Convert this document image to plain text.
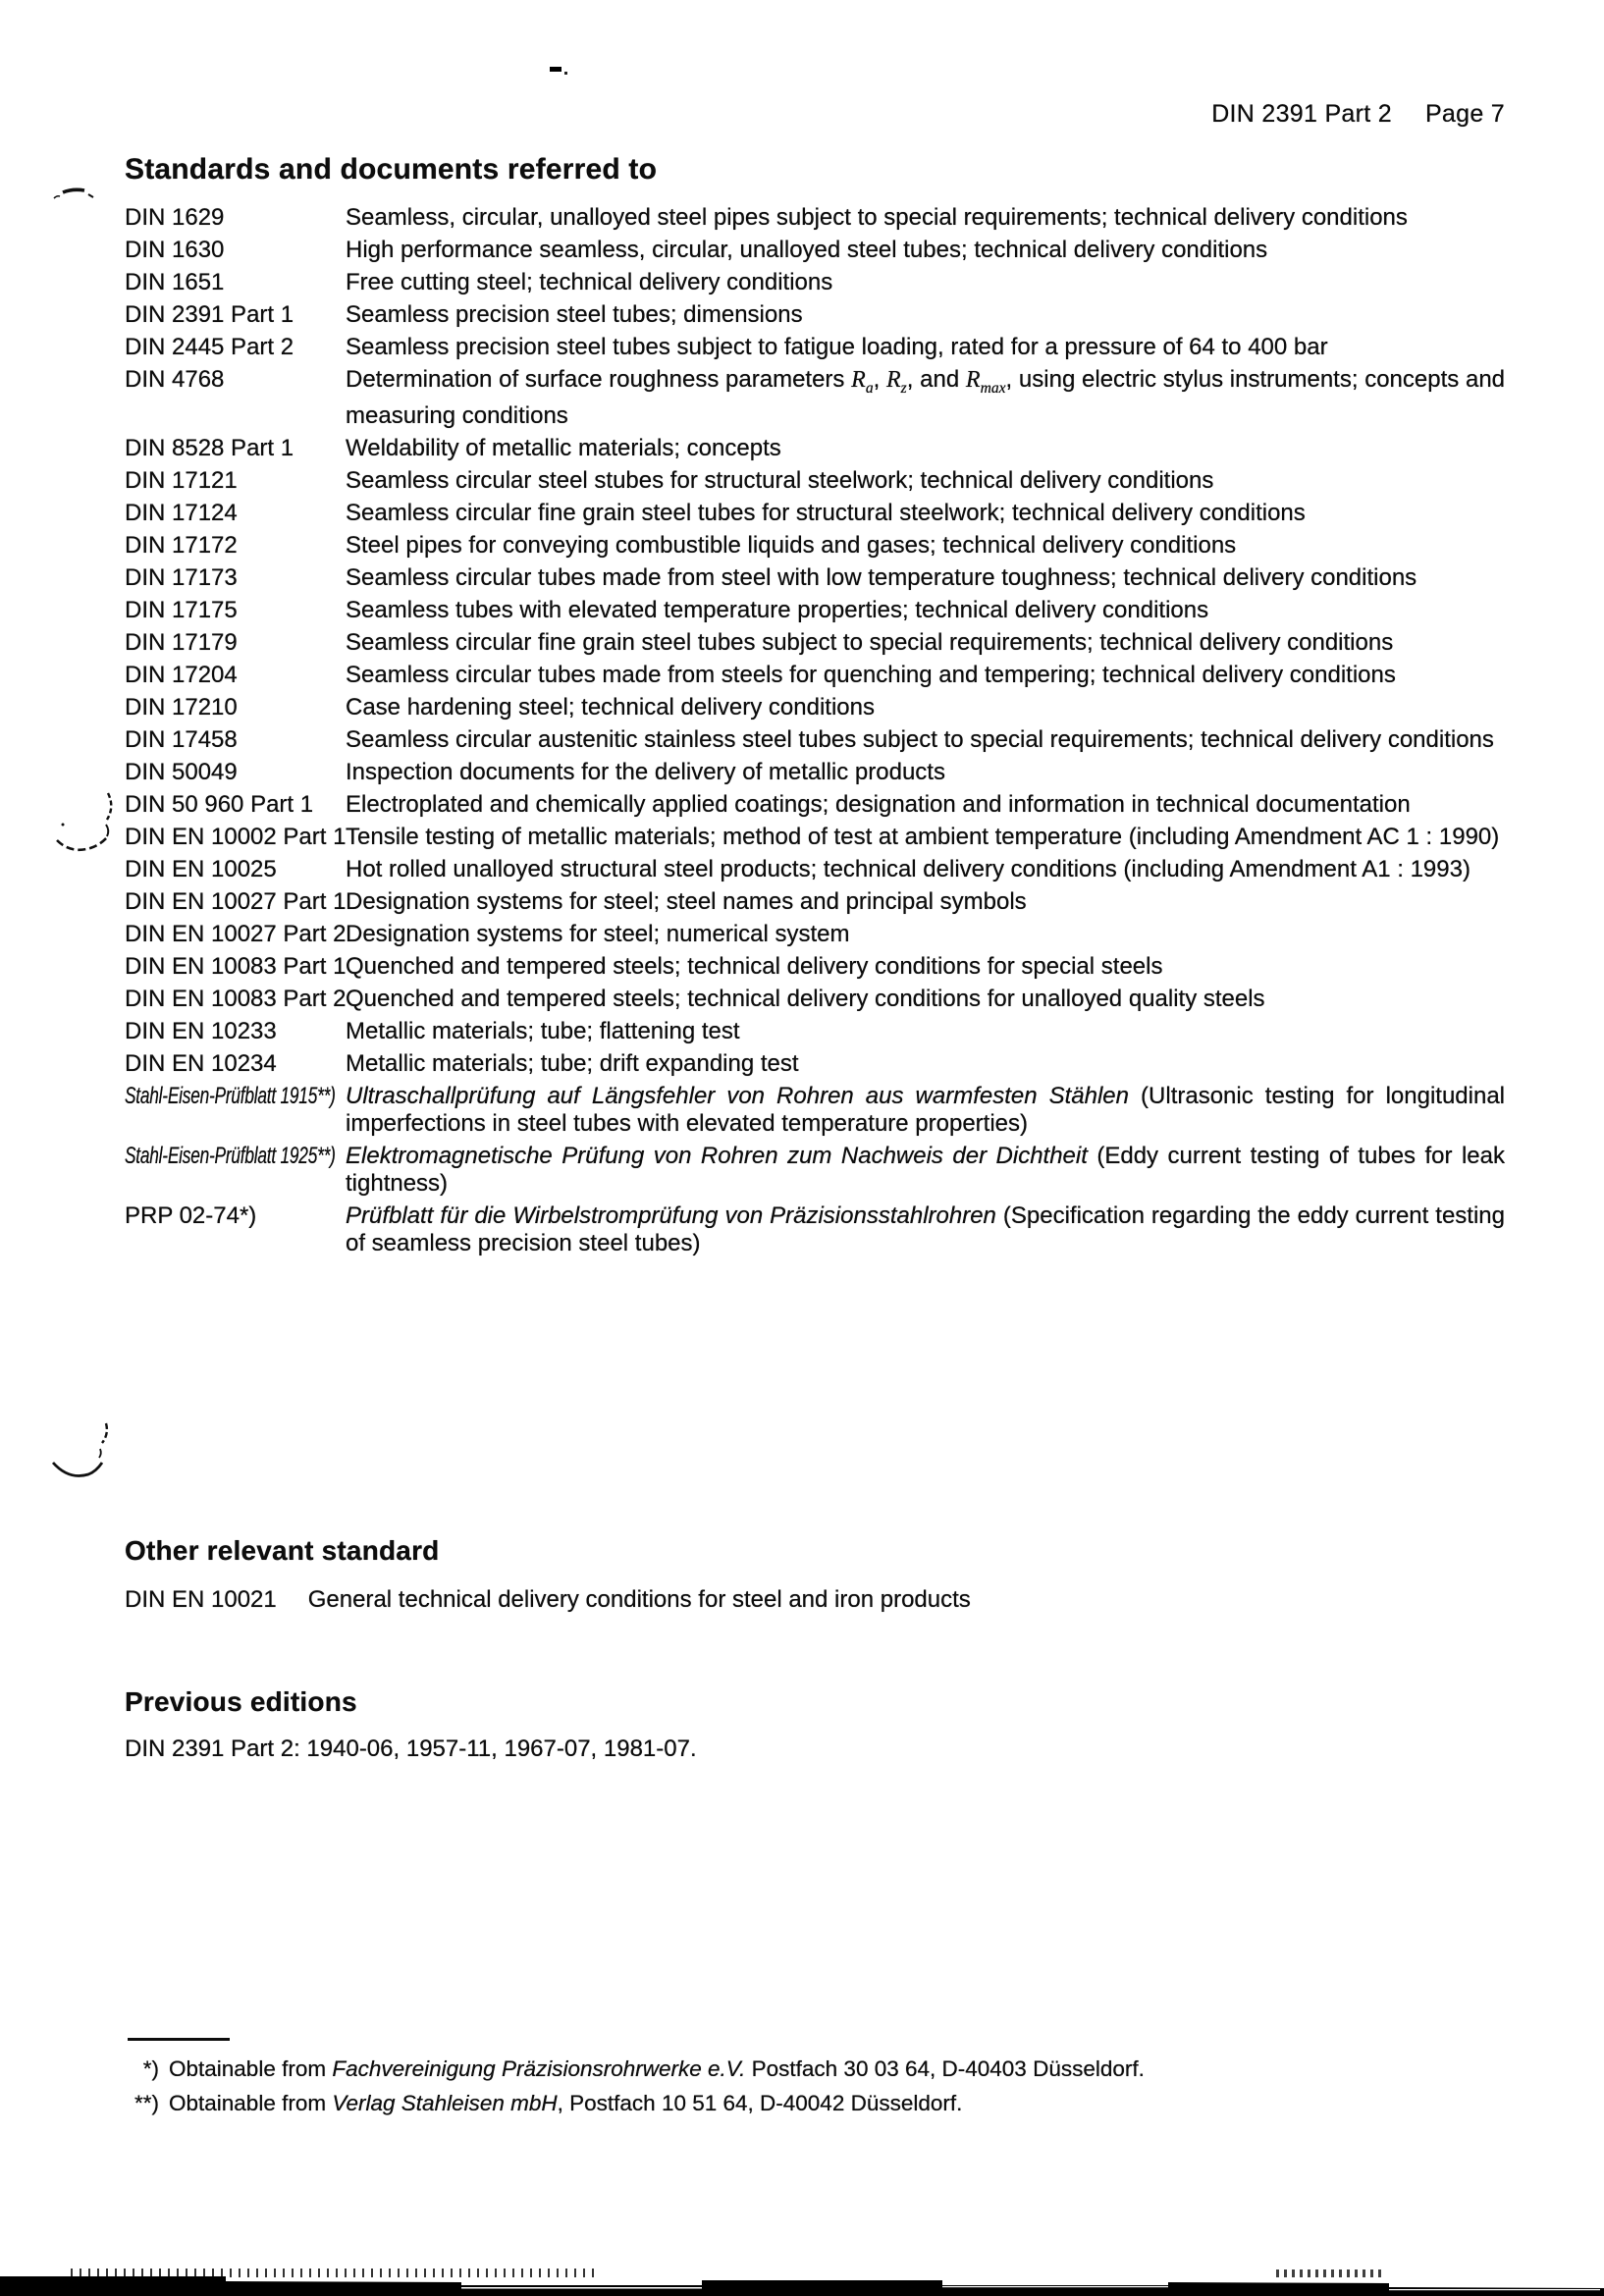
DIN 2391 Part 2 Page 7
Standards and documents referred to
DIN 1629	Seamless, circular, unalloyed steel pipes subject to special requirements; technical delivery conditions
DIN 1630	High performance seamless, circular, unalloyed steel tubes; technical delivery conditions
DIN 1651	Free cutting steel; technical delivery conditions
DIN 2391 Part 1	Seamless precision steel tubes; dimensions
DIN 2445 Part 2	Seamless precision steel tubes subject to fatigue loading, rated for a pressure of 64 to 400 bar
DIN 4768	Determination of surface roughness parameters $R_a$, $R_z$, and $R_{max}$, using electric stylus instruments; concepts and measuring conditions
DIN 8528 Part 1	Weldability of metallic materials; concepts
DIN 17121	Seamless circular steel stubes for structural steelwork; technical delivery conditions
DIN 17124	Seamless circular fine grain steel tubes for structural steelwork; technical delivery conditions
DIN 17172	Steel pipes for conveying combustible liquids and gases; technical delivery conditions
DIN 17173	Seamless circular tubes made from steel with low temperature toughness; technical delivery conditions
DIN 17175	Seamless tubes with elevated temperature properties; technical delivery conditions
DIN 17179	Seamless circular fine grain steel tubes subject to special requirements; technical delivery conditions
DIN 17204	Seamless circular tubes made from steels for quenching and tempering; technical delivery conditions
DIN 17210	Case hardening steel; technical delivery conditions
DIN 17458	Seamless circular austenitic stainless steel tubes subject to special requirements; technical delivery conditions
DIN 50049	Inspection documents for the delivery of metallic products
DIN 50 960 Part 1	Electroplated and chemically applied coatings; designation and information in technical documentation
DIN EN 10002 Part 1 Tensile testing of metallic materials; method of test at ambient temperature (including Amendment AC 1 : 1990)
DIN EN 10025	Hot rolled unalloyed structural steel products; technical delivery conditions (including Amendment A1 : 1993)
DIN EN 10027 Part 1 Designation systems for steel; steel names and principal symbols
DIN EN 10027 Part 2 Designation systems for steel; numerical system
DIN EN 10083 Part 1 Quenched and tempered steels; technical delivery conditions for special steels
DIN EN 10083 Part 2 Quenched and tempered steels; technical delivery conditions for unalloyed quality steels
DIN EN 10233	Metallic materials; tube; flattening test
DIN EN 10234	Metallic materials; tube; drift expanding test
Stahl-Eisen-Prüfblatt 1915**) Ultraschallprüfung auf Längsfehler von Rohren aus warmfesten Stählen (Ultrasonic testing for longitudinal imperfections in steel tubes with elevated temperature properties)
Stahl-Eisen-Prüfblatt 1925**) Elektromagnetische Prüfung von Rohren zum Nachweis der Dichtheit (Eddy current testing of tubes for leak tightness)
PRP 02-74*)	Prüfblatt für die Wirbelstromprüfung von Präzisionsstahlrohren (Specification regarding the eddy current testing of seamless precision steel tubes)
Other relevant standard
DIN EN 10021 General technical delivery conditions for steel and iron products
Previous editions
DIN 2391 Part 2: 1940-06, 1957-11, 1967-07, 1981-07.
*) Obtainable from Fachvereinigung Präzisionsrohrwerke e.V. Postfach 30 03 64, D-40403 Düsseldorf.
**) Obtainable from Verlag Stahleisen mbH, Postfach 10 51 64, D-40042 Düsseldorf.
